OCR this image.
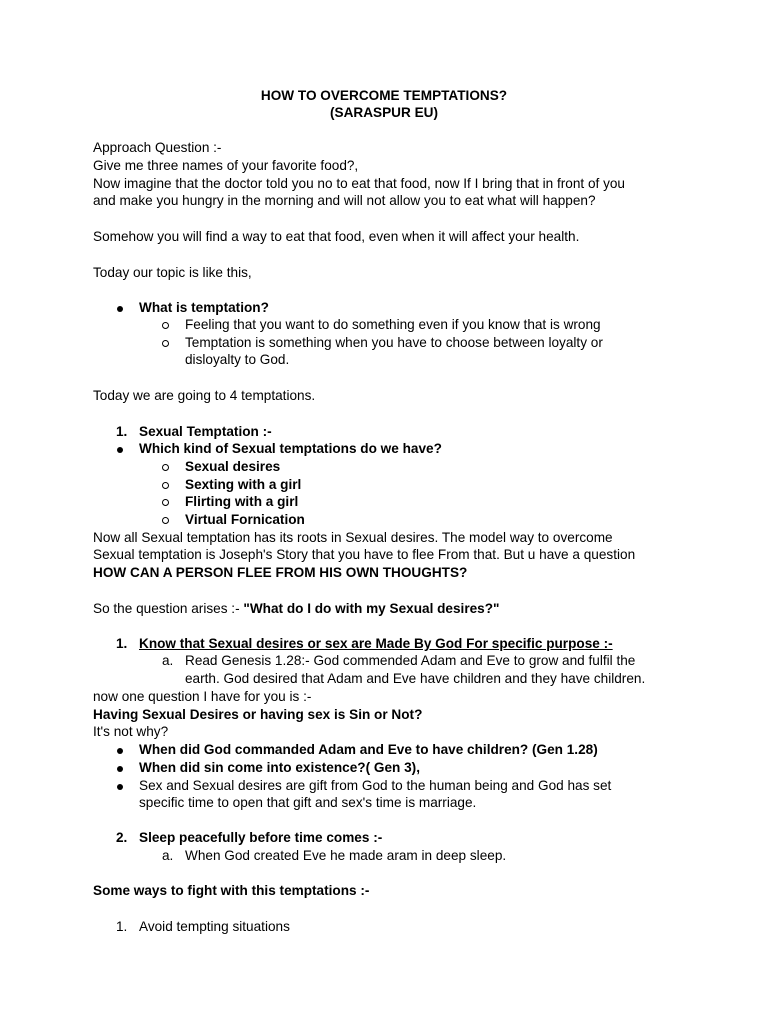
HOW TO OVERCOME TEMPTATIONS?
(SARASPUR EU)
Approach Question :-
Give me three names of your favorite food?,
Now imagine that the doctor told you no to eat that food, now If I bring that in front of you
and make you hungry in the morning and will not allow you to eat what will happen?
Somehow you will find a way to eat that food, even when it will affect your health.
Today our topic is like this,
What is temptation?
Feeling that you want to do something even if you know that is wrong
Temptation is something when you have to choose between loyalty or
disloyalty to God.
Today we are going to 4 temptations.
1. Sexual Temptation :-
Which kind of Sexual temptations do we have?
Sexual desires
Sexting with a girl
Flirting with a girl
Virtual Fornication
Now all Sexual temptation has its roots in Sexual desires. The model way to overcome
Sexual temptation is Joseph's Story that you have to flee From that. But u have a question
HOW CAN A PERSON FLEE FROM HIS OWN THOUGHTS?
So the question arises :- "What do I do with my Sexual desires?"
1. Know that Sexual desires or sex are Made By God For specific purpose :-
a. Read Genesis 1.28:- God commended Adam and Eve to grow and fulfil the
earth. God desired that Adam and Eve have children and they have children.
now one question I have for you is :-
Having Sexual Desires or having sex is Sin or Not?
It's not why?
When did God commanded Adam and Eve to have children? (Gen 1.28)
When did sin come into existence?( Gen 3),
Sex and Sexual desires are gift from God to the human being and God has set
specific time to open that gift and sex's time is marriage.
2. Sleep peacefully before time comes :-
a. When God created Eve he made aram in deep sleep.
Some ways to fight with this temptations :-
1. Avoid tempting situations
